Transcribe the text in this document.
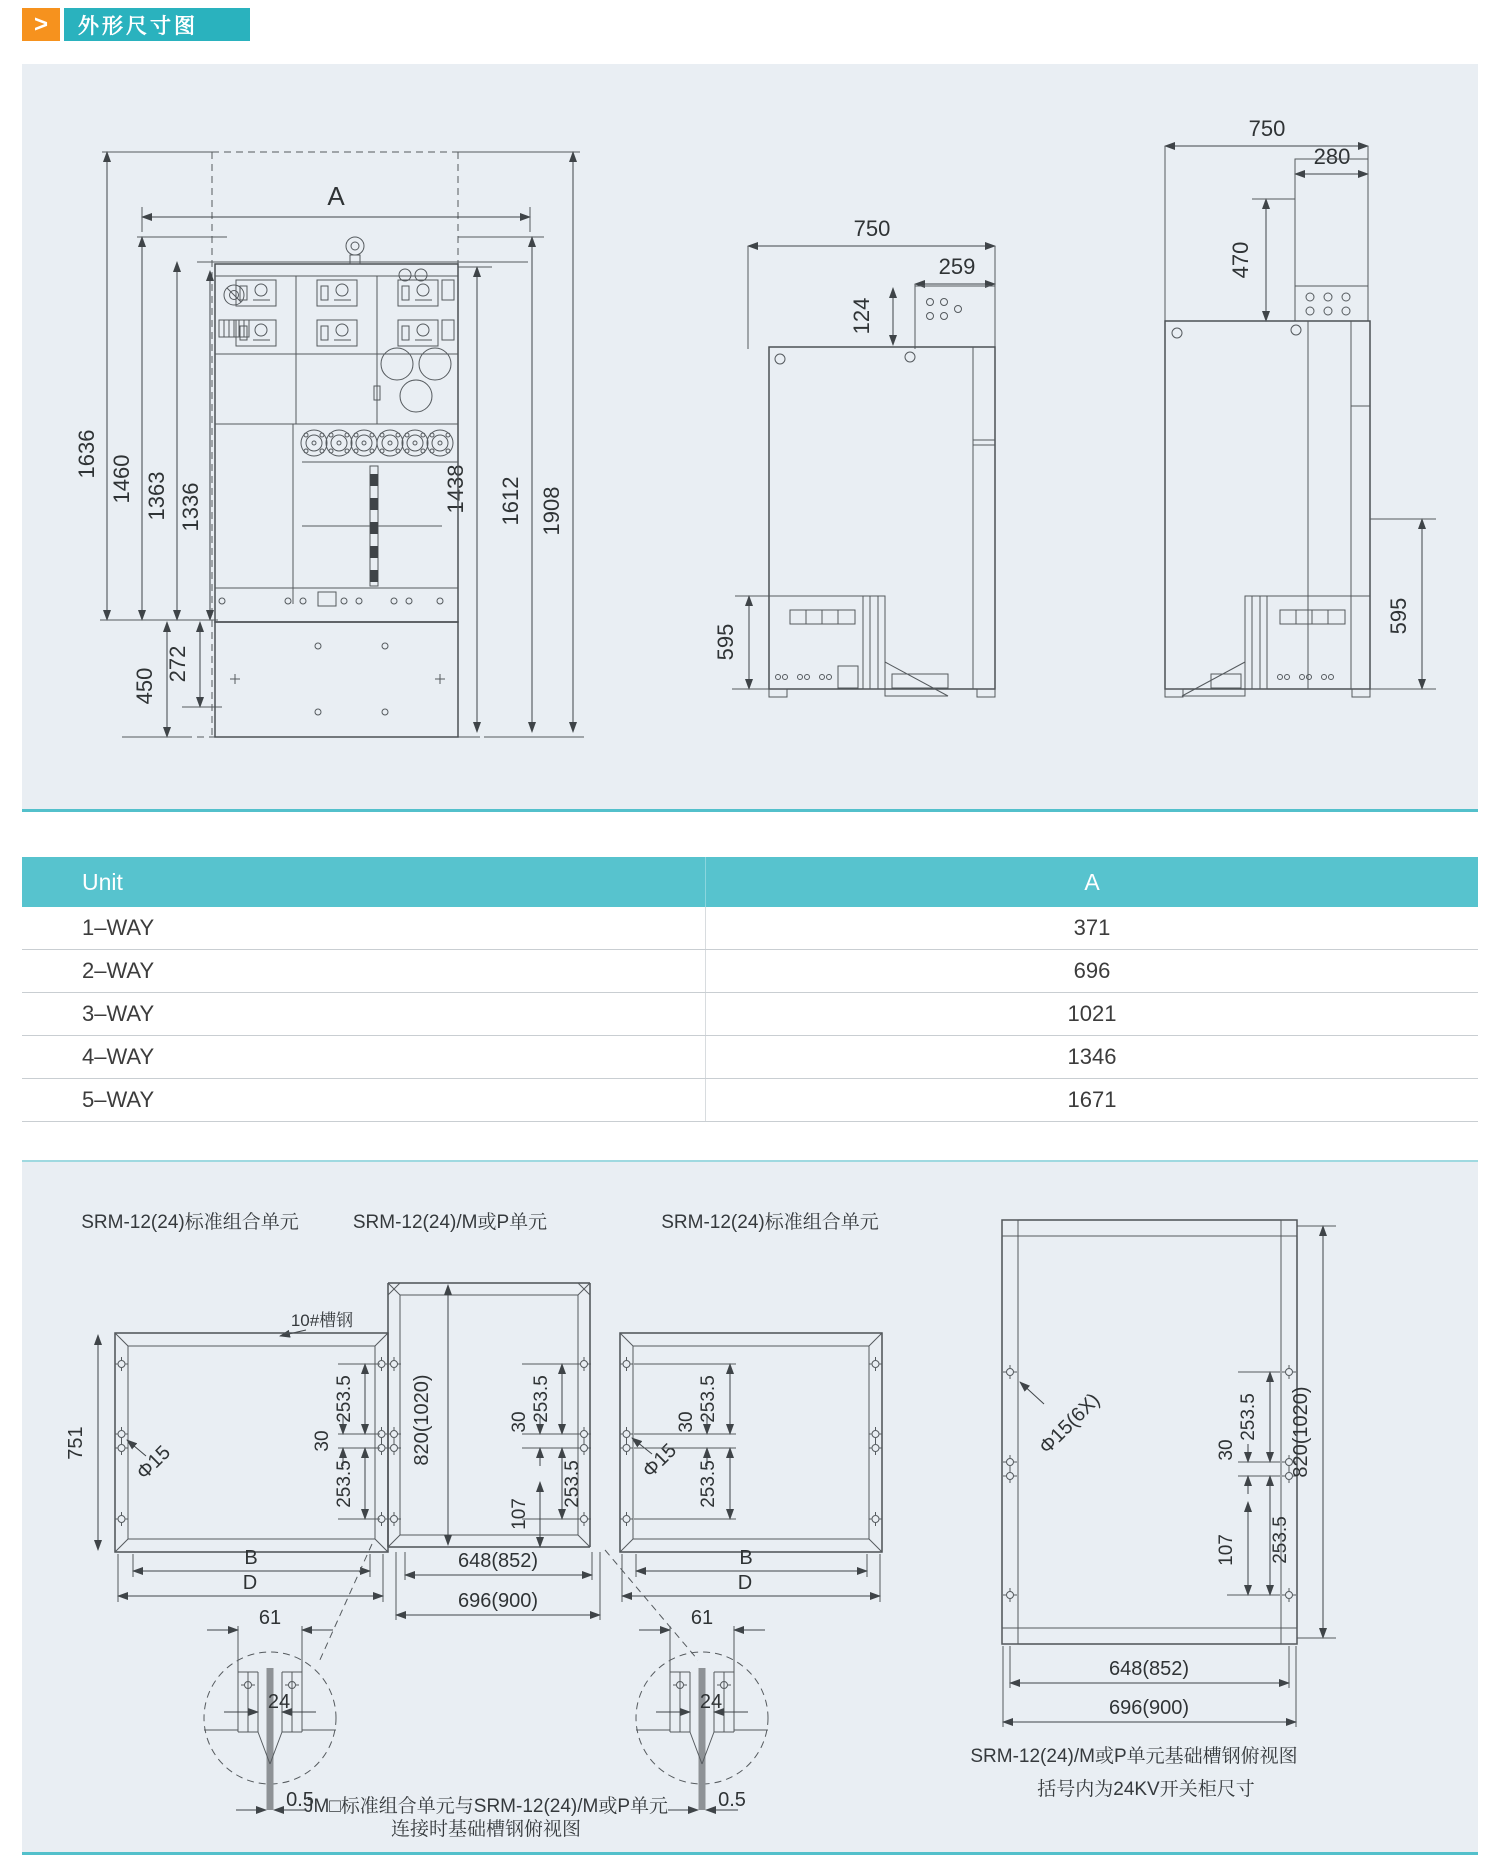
>	外形尺寸图
A
1636
1460 1363 1336	1438 1612 1908
450
272
750
259
124
595
750
280
470
595
Unit	A
1–WAY	371
2–WAY	696
3–WAY	1021
4–WAY	1346
5–WAY	1671
SRM-12(24)标准组合单元	SRM-12(24)/M或P单元	SRM-12(24)标准组合单元
10#槽钢
751 Φ15
253.5
30
253.5
B
D
820(1020)	253.5
30
253.5
107
648(852)
696(900)
Φ15
253.5
30
253.5
B
D
61
24
0.5
61
24
0.5
JM□标准组合单元与SRM-12(24)/M或P单元
连接时基础槽钢俯视图
Φ15(6X)	253.5
30
253.5
107
820(1020)
648(852)
696(900)
SRM-12(24)/M或P单元基础槽钢俯视图
括号内为24KV开关柜尺寸
